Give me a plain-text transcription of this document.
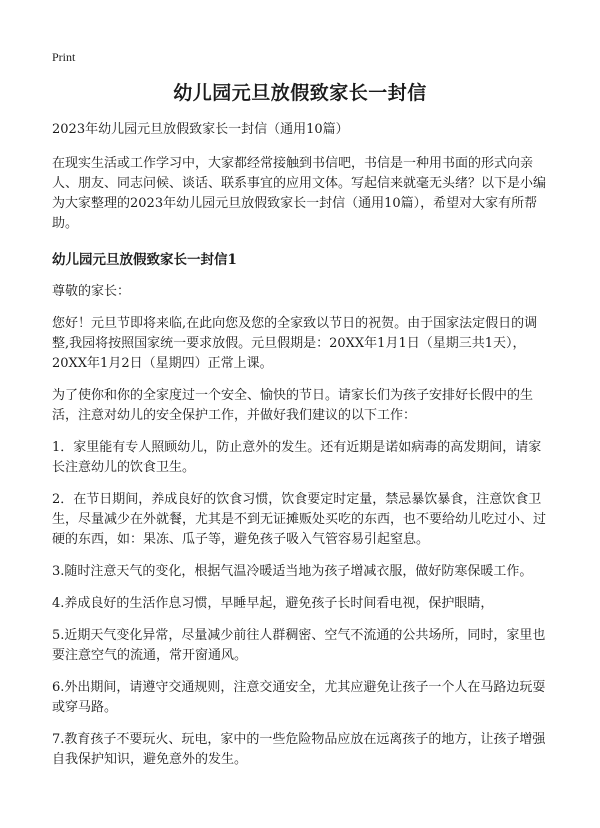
Print
幼儿园元旦放假致家长一封信

2023年幼儿园元旦放假致家长一封信（通用10篇）

在现实生活或工作学习中，大家都经常接触到书信吧，书信是一种用书面的形式向亲人、朋友、同志问候、谈话、联系事宜的应用文体。写起信来就毫无头绪？以下是小编为大家整理的2023年幼儿园元旦放假致家长一封信（通用10篇），希望对大家有所帮助。

幼儿园元旦放假致家长一封信1

尊敬的家长：

您好！元旦节即将来临,在此向您及您的全家致以节日的祝贺。由于国家法定假日的调整,我园将按照国家统一要求放假。元旦假期是：20XX年1月1日（星期三共1天），20XX年1月2日（星期四）正常上课。

为了使你和你的全家度过一个安全、愉快的节日。请家长们为孩子安排好长假中的生活，注意对幼儿的安全保护工作，并做好我们建议的以下工作：

1．家里能有专人照顾幼儿，防止意外的发生。还有近期是诺如病毒的高发期间，请家长注意幼儿的饮食卫生。

2．在节日期间，养成良好的饮食习惯，饮食要定时定量，禁忌暴饮暴食，注意饮食卫生，尽量减少在外就餐，尤其是不到无证摊贩处买吃的东西，也不要给幼儿吃过小、过硬的东西，如：果冻、瓜子等，避免孩子吸入气管容易引起窒息。

3.随时注意天气的变化，根据气温冷暖适当地为孩子增减衣服，做好防寒保暖工作。

4.养成良好的生活作息习惯，早睡早起，避免孩子长时间看电视，保护眼睛，

5.近期天气变化异常，尽量减少前往人群稠密、空气不流通的公共场所，同时，家里也要注意空气的流通，常开窗通风。

6.外出期间，请遵守交通规则，注意交通安全，尤其应避免让孩子一个人在马路边玩耍或穿马路。

7.教育孩子不要玩火、玩电，家中的一些危险物品应放在远离孩子的地方，让孩子增强自我保护知识，避免意外的发生。
